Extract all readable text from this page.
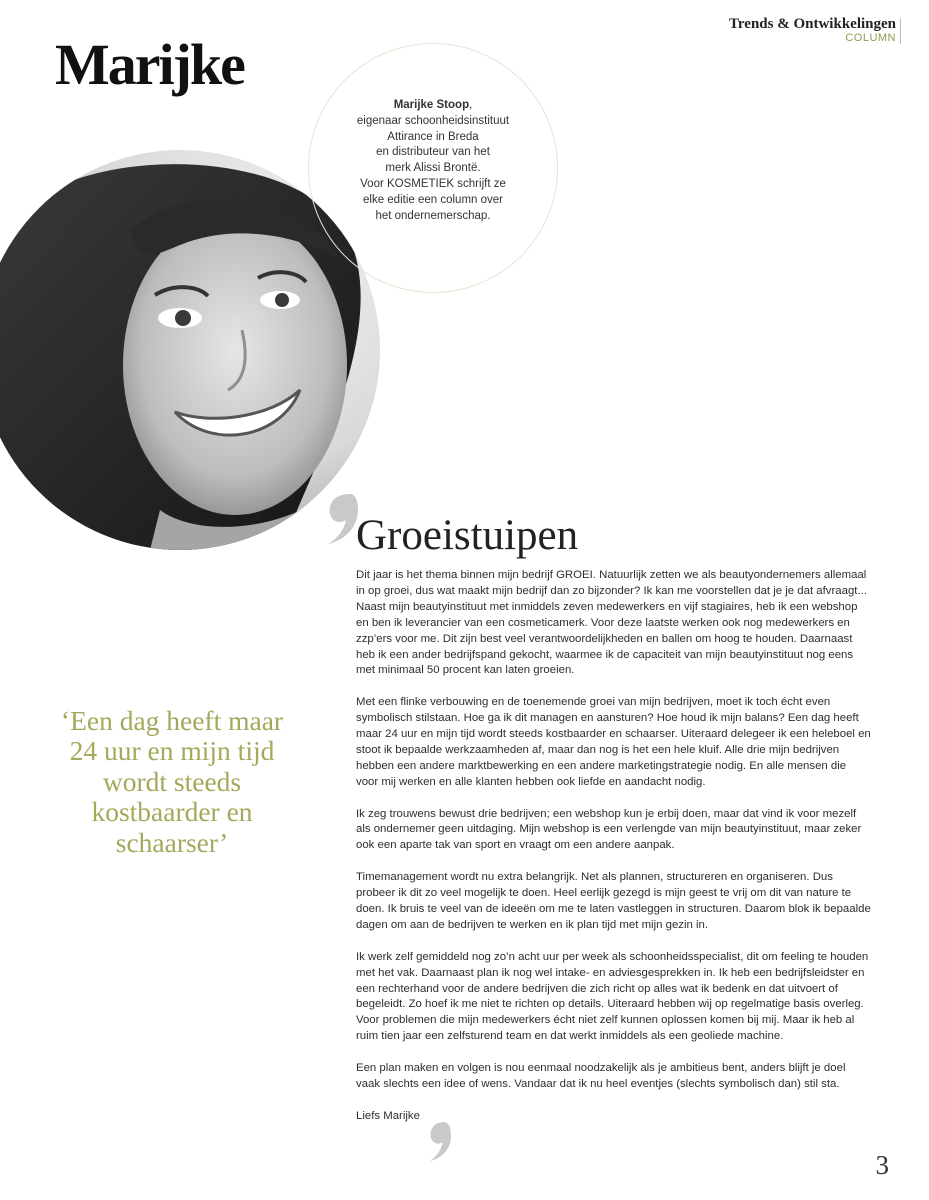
Trends & Ontwikkelingen
COLUMN
Marijke
Marijke Stoop,
eigenaar schoonheidsinstituut
Attirance in Breda
en distributeur van het
merk Alissi Brontë.
Voor KOSMETIEK schrijft ze
elke editie een column over
het ondernemerschap.
Groeistuipen
‘Een dag heeft maar 24 uur en mijn tijd wordt steeds kostbaarder en schaarser’

Dit jaar is het thema binnen mijn bedrijf GROEI. Natuurlijk zetten we als beautyondernemers allemaal in op groei, dus wat maakt mijn bedrijf dan zo bijzonder? Ik kan me voorstellen dat je je dat afvraagt... Naast mijn beautyinstituut met inmiddels zeven medewerkers en vijf stagiaires, heb ik een webshop en ben ik leverancier van een cosmeticamerk. Voor deze laatste werken ook nog medewerkers en zzp’ers voor me. Dit zijn best veel verantwoordelijkheden en ballen om hoog te houden. Daarnaast heb ik een ander bedrijfspand gekocht, waarmee ik de capaciteit van mijn beautyinstituut nog eens met minimaal 50 procent kan laten groeien.

Met een flinke verbouwing en de toenemende groei van mijn bedrijven, moet ik toch écht even symbolisch stilstaan. Hoe ga ik dit managen en aansturen? Hoe houd ik mijn balans? Een dag heeft maar 24 uur en mijn tijd wordt steeds kostbaarder en schaarser. Uiteraard delegeer ik een heleboel en stoot ik bepaalde werkzaamheden af, maar dan nog is het een hele kluif. Alle drie mijn bedrijven hebben een andere marktbewerking en een andere marketingstrategie nodig. En alle mensen die voor mij werken en alle klanten hebben ook liefde en aandacht nodig.

Ik zeg trouwens bewust drie bedrijven; een webshop kun je erbij doen, maar dat vind ik voor mezelf als ondernemer geen uitdaging. Mijn webshop is een verlengde van mijn beautyinstituut, maar zeker ook een aparte tak van sport en vraagt om een andere aanpak.

Timemanagement wordt nu extra belangrijk. Net als plannen, structureren en organiseren. Dus probeer ik dit zo veel mogelijk te doen. Heel eerlijk gezegd is mijn geest te vrij om dit van nature te doen. Ik bruis te veel van de ideeën om me te laten vastleggen in structuren. Daarom blok ik bepaalde dagen om aan de bedrijven te werken en ik plan tijd met mijn gezin in.

Ik werk zelf gemiddeld nog zo’n acht uur per week als schoonheidsspecialist, dit om feeling te houden met het vak. Daarnaast plan ik nog wel intake- en adviesgesprekken in. Ik heb een bedrijfsleidster en een rechterhand voor de andere bedrijven die zich richt op alles wat ik bedenk en dat uitvoert of begeleidt. Zo hoef ik me niet te richten op details. Uiteraard hebben wij op regelmatige basis overleg. Voor problemen die mijn medewerkers écht niet zelf kunnen oplossen komen bij mij. Maar ik heb al ruim tien jaar een zelfsturend team en dat werkt inmiddels als een geoliede machine.

Een plan maken en volgen is nou eenmaal noodzakelijk als je ambitieus bent, anders blijft je doel vaak slechts een idee of wens. Vandaar dat ik nu heel eventjes (slechts symbolisch dan) stil sta.

Liefs Marijke

3
